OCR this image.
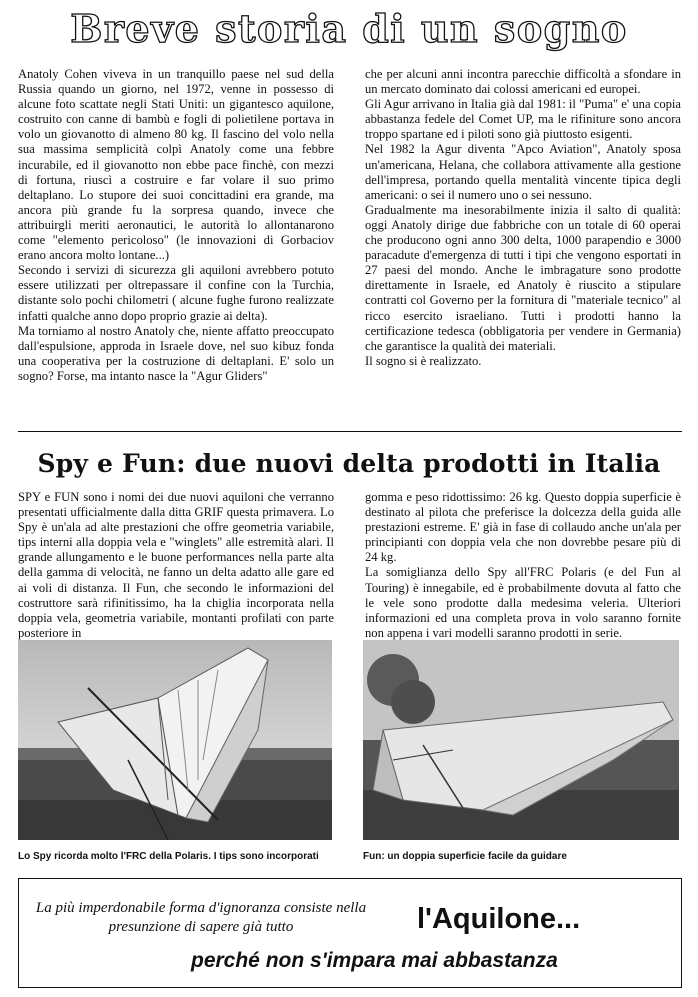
Breve storia di un sogno

Anatoly Cohen viveva in un tranquillo paese nel sud della Russia quando un giorno, nel 1972, venne in possesso di alcune foto scattate negli Stati Uniti: un gigantesco aquilone, costruito con canne di bambù e fogli di polietilene portava in volo un giovanotto di almeno 80 kg. Il fascino del volo nella sua massima semplicità colpì Anatoly come una febbre incurabile, ed il giovanotto non ebbe pace finchè, con mezzi di fortuna, riuscì a costruire e far volare il suo primo deltaplano. Lo stupore dei suoi concittadini era grande, ma ancora più grande fu la sorpresa quando, invece che attribuirgli meriti aeronautici, le autorità lo allontanarono come "elemento pericoloso" (le innovazioni di Gorbaciov erano ancora molto lontane...)

Secondo i servizi di sicurezza gli aquiloni avrebbero potuto essere utilizzati per oltrepassare il confine con la Turchia, distante solo pochi chilometri ( alcune fughe furono realizzate infatti qualche anno dopo proprio grazie ai delta).

Ma torniamo al nostro Anatoly che, niente affatto preoccupato dall'espulsione, approda in Israele dove, nel suo kibuz fonda una cooperativa per la costruzione di deltaplani. E' solo un sogno? Forse, ma intanto nasce la "Agur Gliders"

che per alcuni anni incontra parecchie difficoltà a sfondare in un mercato dominato dai colossi americani ed europei.

Gli Agur arrivano in Italia già dal 1981: il "Puma" e' una copia abbastanza fedele del Comet UP, ma le rifiniture sono ancora troppo spartane ed i piloti sono già piuttosto esigenti.

Nel 1982 la Agur diventa "Apco Aviation", Anatoly sposa un'americana, Helana, che collabora attivamente alla gestione dell'impresa, portando quella mentalità vincente tipica degli americani: o sei il numero uno o sei nessuno.

Gradualmente ma inesorabilmente inizia il salto di qualità: oggi Anatoly dirige due fabbriche con un totale di 60 operai che producono ogni anno 300 delta, 1000 parapendio e 3000 paracadute d'emergenza di tutti i tipi che vengono esportati in 27 paesi del mondo. Anche le imbragature sono prodotte direttamente in Israele, ed Anatoly è riuscito a stipulare contratti col Governo per la fornitura di "materiale tecnico" al ricco esercito israeliano. Tutti i prodotti hanno la certificazione tedesca (obbligatoria per vendere in Germania) che garantisce la qualità dei materiali.

Il sogno si è realizzato.

Spy e Fun: due nuovi delta prodotti in Italia

SPY e FUN sono i nomi dei due nuovi aquiloni che verranno presentati ufficialmente dalla ditta GRIF questa primavera. Lo Spy è un'ala ad alte prestazioni che offre geometria variabile, tips interni alla doppia vela e "winglets" alle estremità alari. Il grande allungamento e le buone performances nella parte alta della gamma di velocità, ne fanno un delta adatto alle gare ed ai voli di distanza. Il Fun, che secondo le informazioni del costruttore sarà rifinitissimo, ha la chiglia incorporata nella doppia vela, geometria variabile, montanti profilati con parte posteriore in

gomma e peso ridottissimo: 26 kg. Questo doppia superficie è destinato al pilota che preferisce la dolcezza della guida alle prestazioni estreme. E' già in fase di collaudo anche un'ala per principianti con doppia vela che non dovrebbe pesare più di 24 kg.

La somiglianza dello Spy all'FRC Polaris (e del Fun al Touring) è innegabile, ed è probabilmente dovuta al fatto che le vele sono prodotte dalla medesima veleria. Ulteriori informazioni ed una completa prova in volo saranno fornite non appena i vari modelli saranno prodotti in serie.

Lo Spy ricorda molto l'FRC della Polaris. I tips sono incorporati	Fun: un doppia superficie facile da guidare
La più imperdonabile forma d'ignoranza consiste nella presunzione di sapere già tutto	l'Aquilone...
perché non s'impara mai abbastanza
